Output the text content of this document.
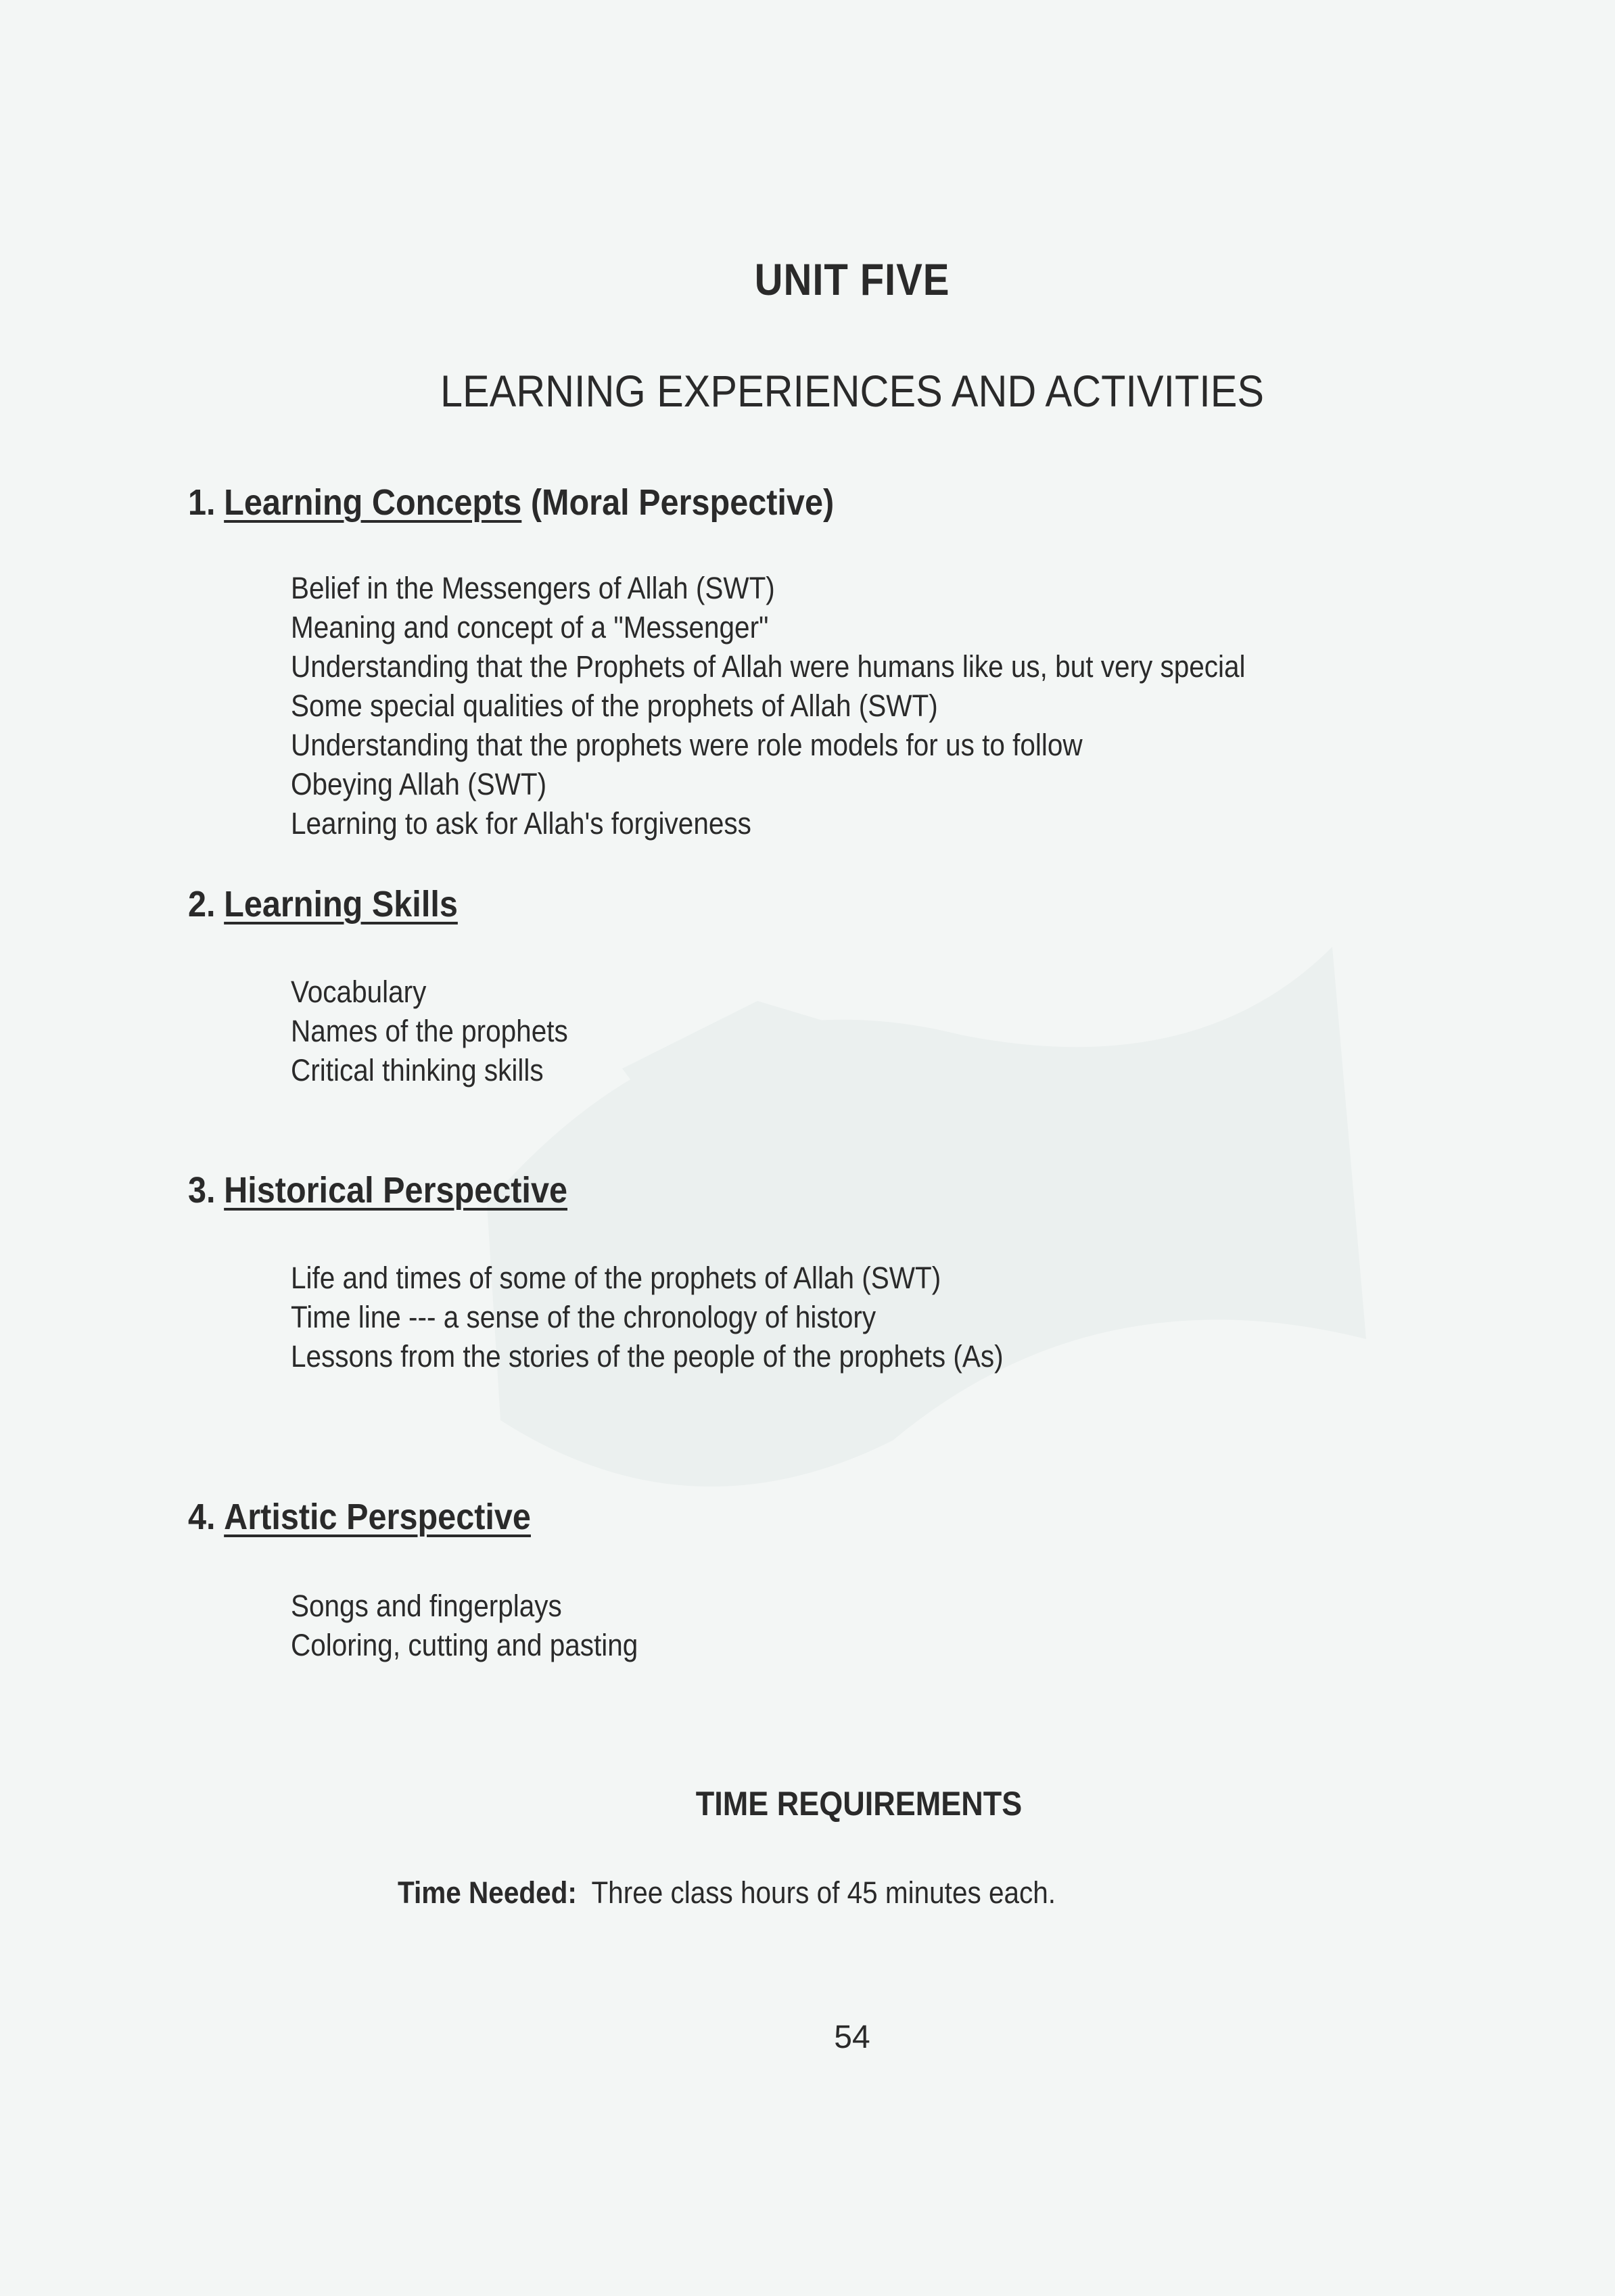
UNIT FIVE
LEARNING EXPERIENCES AND ACTIVITIES
1. Learning Concepts (Moral Perspective)
Belief in the Messengers of Allah (SWT)
Meaning and concept of a "Messenger"
Understanding that the Prophets of Allah were humans like us, but very special
Some special qualities of the prophets of Allah (SWT)
Understanding that the prophets were role models for us to follow
Obeying Allah (SWT)
Learning to ask for Allah's forgiveness
2. Learning Skills
Vocabulary
Names of the prophets
Critical thinking skills
3. Historical Perspective
Life and times of some of the prophets of Allah (SWT)
Time line --- a sense of the chronology of history
Lessons from the stories of the people of the prophets (As)
4. Artistic Perspective
Songs and fingerplays
Coloring, cutting and pasting
TIME REQUIREMENTS
Time Needed: Three class hours of 45 minutes each.
54
